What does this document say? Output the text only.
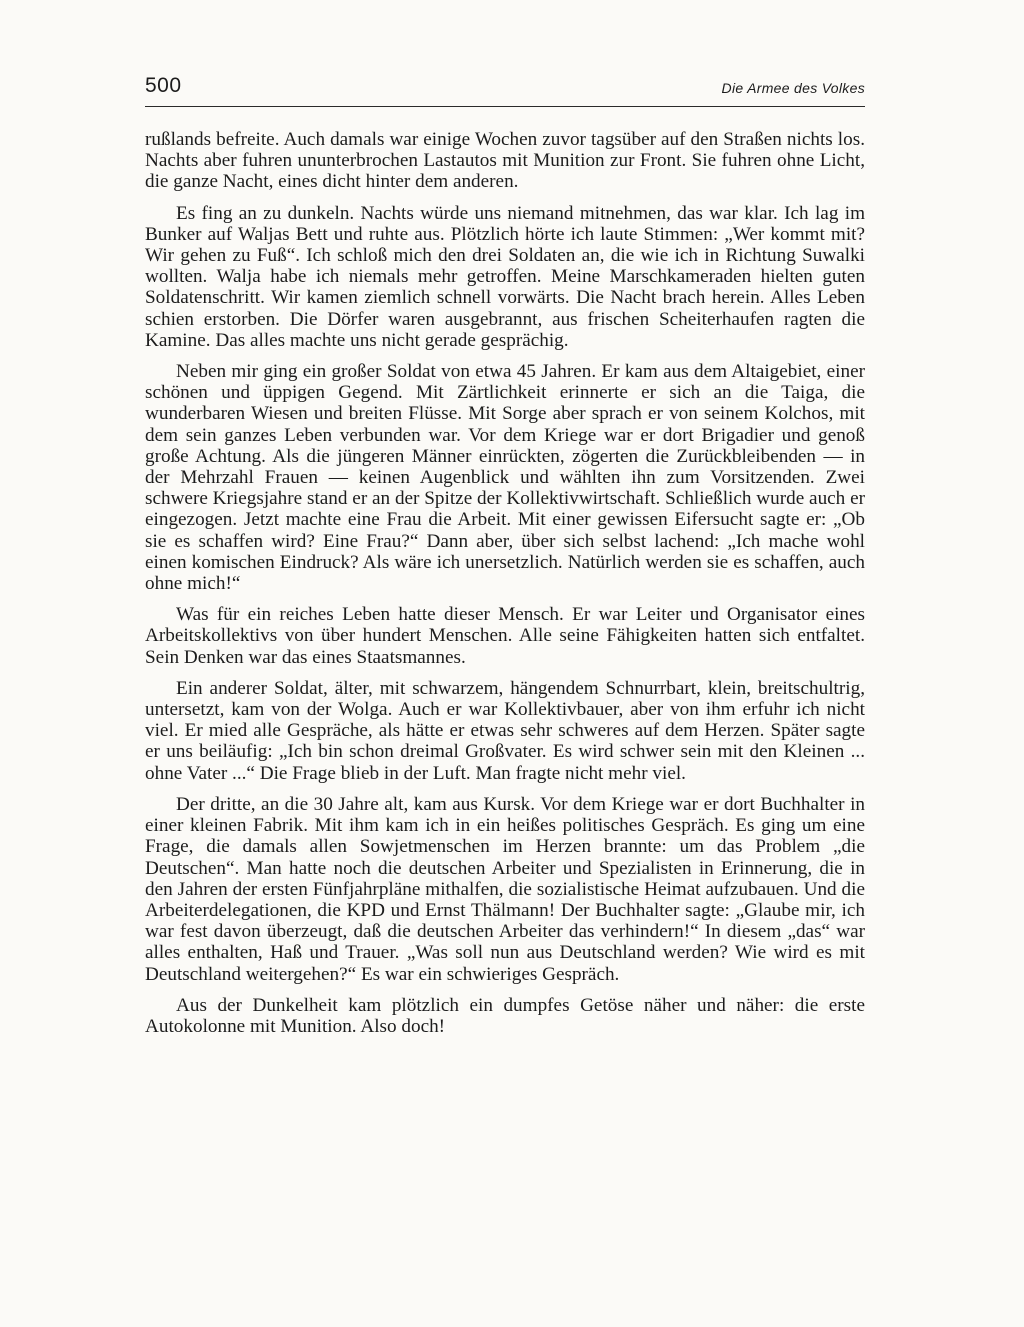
500	Die Armee des Volkes

rußlands befreite. Auch damals war einige Wochen zuvor tagsüber auf den Straßen nichts los. Nachts aber fuhren ununterbrochen Lastautos mit Munition zur Front. Sie fuhren ohne Licht, die ganze Nacht, eines dicht hinter dem anderen.

Es fing an zu dunkeln. Nachts würde uns niemand mitnehmen, das war klar. Ich lag im Bunker auf Waljas Bett und ruhte aus. Plötzlich hörte ich laute Stimmen: „Wer kommt mit? Wir gehen zu Fuß“. Ich schloß mich den drei Soldaten an, die wie ich in Richtung Suwalki wollten. Walja habe ich niemals mehr getroffen. Meine Marschkameraden hielten guten Soldatenschritt. Wir kamen ziemlich schnell vorwärts. Die Nacht brach herein. Alles Leben schien erstorben. Die Dörfer waren ausgebrannt, aus frischen Scheiterhaufen ragten die Kamine. Das alles machte uns nicht gerade gesprächig.

Neben mir ging ein großer Soldat von etwa 45 Jahren. Er kam aus dem Altaigebiet, einer schönen und üppigen Gegend. Mit Zärtlichkeit erinnerte er sich an die Taiga, die wunderbaren Wiesen und breiten Flüsse. Mit Sorge aber sprach er von seinem Kolchos, mit dem sein ganzes Leben verbunden war. Vor dem Kriege war er dort Brigadier und genoß große Achtung. Als die jüngeren Männer einrückten, zögerten die Zurückbleibenden — in der Mehrzahl Frauen — keinen Augenblick und wählten ihn zum Vorsitzenden. Zwei schwere Kriegsjahre stand er an der Spitze der Kollektivwirtschaft. Schließlich wurde auch er eingezogen. Jetzt machte eine Frau die Arbeit. Mit einer gewissen Eifersucht sagte er: „Ob sie es schaffen wird? Eine Frau?“ Dann aber, über sich selbst lachend: „Ich mache wohl einen komischen Eindruck? Als wäre ich unersetzlich. Natürlich werden sie es schaffen, auch ohne mich!“

Was für ein reiches Leben hatte dieser Mensch. Er war Leiter und Organisator eines Arbeitskollektivs von über hundert Menschen. Alle seine Fähigkeiten hatten sich entfaltet. Sein Denken war das eines Staatsmannes.

Ein anderer Soldat, älter, mit schwarzem, hängendem Schnurrbart, klein, breitschultrig, untersetzt, kam von der Wolga. Auch er war Kollektivbauer, aber von ihm erfuhr ich nicht viel. Er mied alle Gespräche, als hätte er etwas sehr schweres auf dem Herzen. Später sagte er uns beiläufig: „Ich bin schon dreimal Großvater. Es wird schwer sein mit den Kleinen ... ohne Vater ...“ Die Frage blieb in der Luft. Man fragte nicht mehr viel.

Der dritte, an die 30 Jahre alt, kam aus Kursk. Vor dem Kriege war er dort Buchhalter in einer kleinen Fabrik. Mit ihm kam ich in ein heißes politisches Gespräch. Es ging um eine Frage, die damals allen Sowjetmenschen im Herzen brannte: um das Problem „die Deutschen“. Man hatte noch die deutschen Arbeiter und Spezialisten in Erinnerung, die in den Jahren der ersten Fünfjahrpläne mithalfen, die sozialistische Heimat aufzubauen. Und die Arbeiterdelegationen, die KPD und Ernst Thälmann! Der Buchhalter sagte: „Glaube mir, ich war fest davon überzeugt, daß die deutschen Arbeiter das verhindern!“ In diesem „das“ war alles enthalten, Haß und Trauer. „Was soll nun aus Deutschland werden? Wie wird es mit Deutschland weitergehen?“ Es war ein schwieriges Gespräch.

Aus der Dunkelheit kam plötzlich ein dumpfes Getöse näher und näher: die erste Autokolonne mit Munition. Also doch!
